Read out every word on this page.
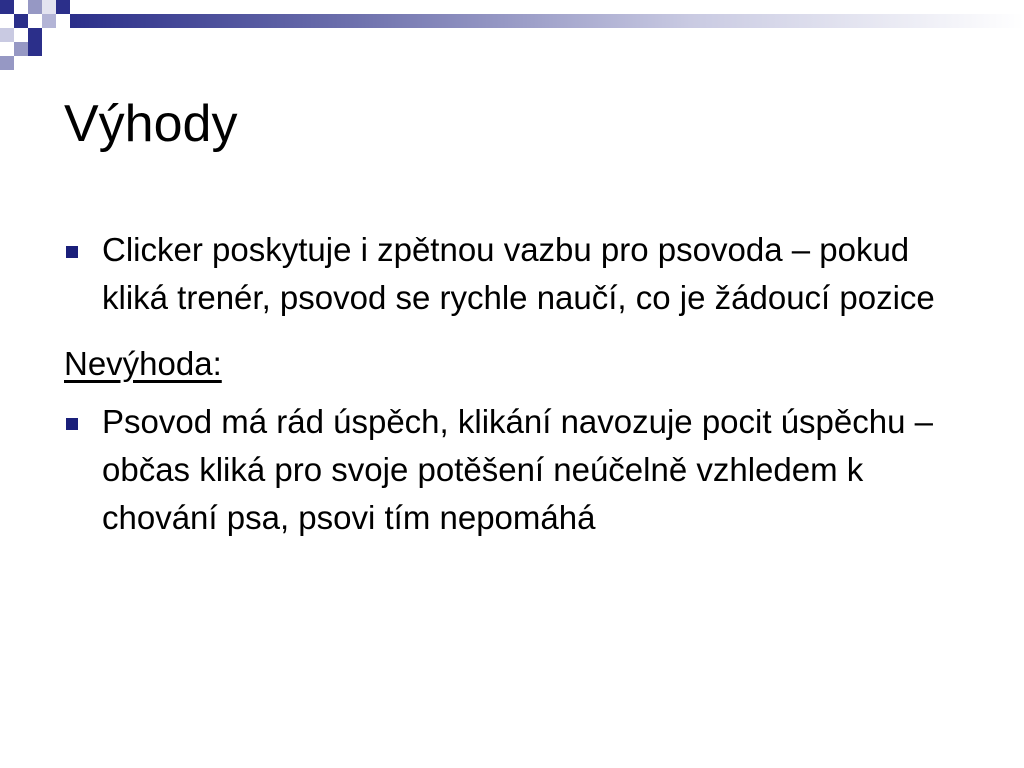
Výhody
Clicker poskytuje i zpětnou vazbu pro psovoda – pokud kliká trenér, psovod se rychle naučí, co je žádoucí pozice
Nevýhoda:
Psovod má rád úspěch, klikání navozuje pocit úspěchu – občas kliká pro svoje potěšení neúčelně vzhledem k chování psa, psovi tím nepomáhá
